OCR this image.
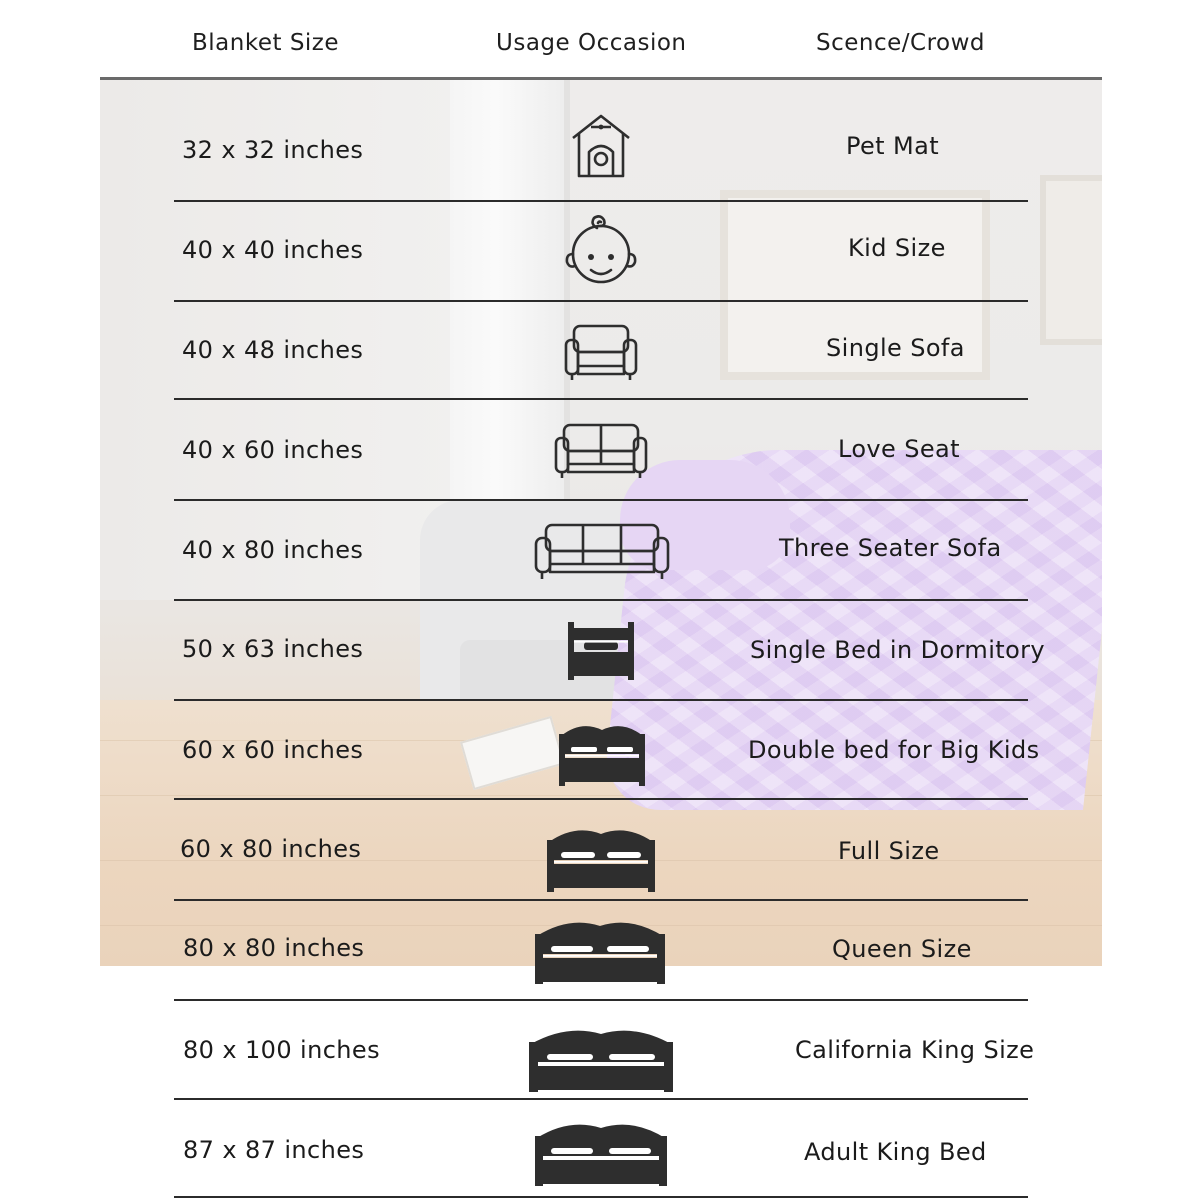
Blanket Size	Usage Occasion	Scence/Crowd
32 x 32 inches	Pet Mat
40 x 40 inches	Kid Size
40 x 48 inches	Single Sofa
40 x 60 inches	Love Seat
40 x 80 inches	Three Seater Sofa
50 x 63 inches	Single Bed in Dormitory
60 x 60 inches	Double bed for Big Kids
60 x 80 inches	Full Size
80 x 80 inches	Queen Size
80 x 100 inches	California King Size
87 x 87 inches	Adult King Bed
